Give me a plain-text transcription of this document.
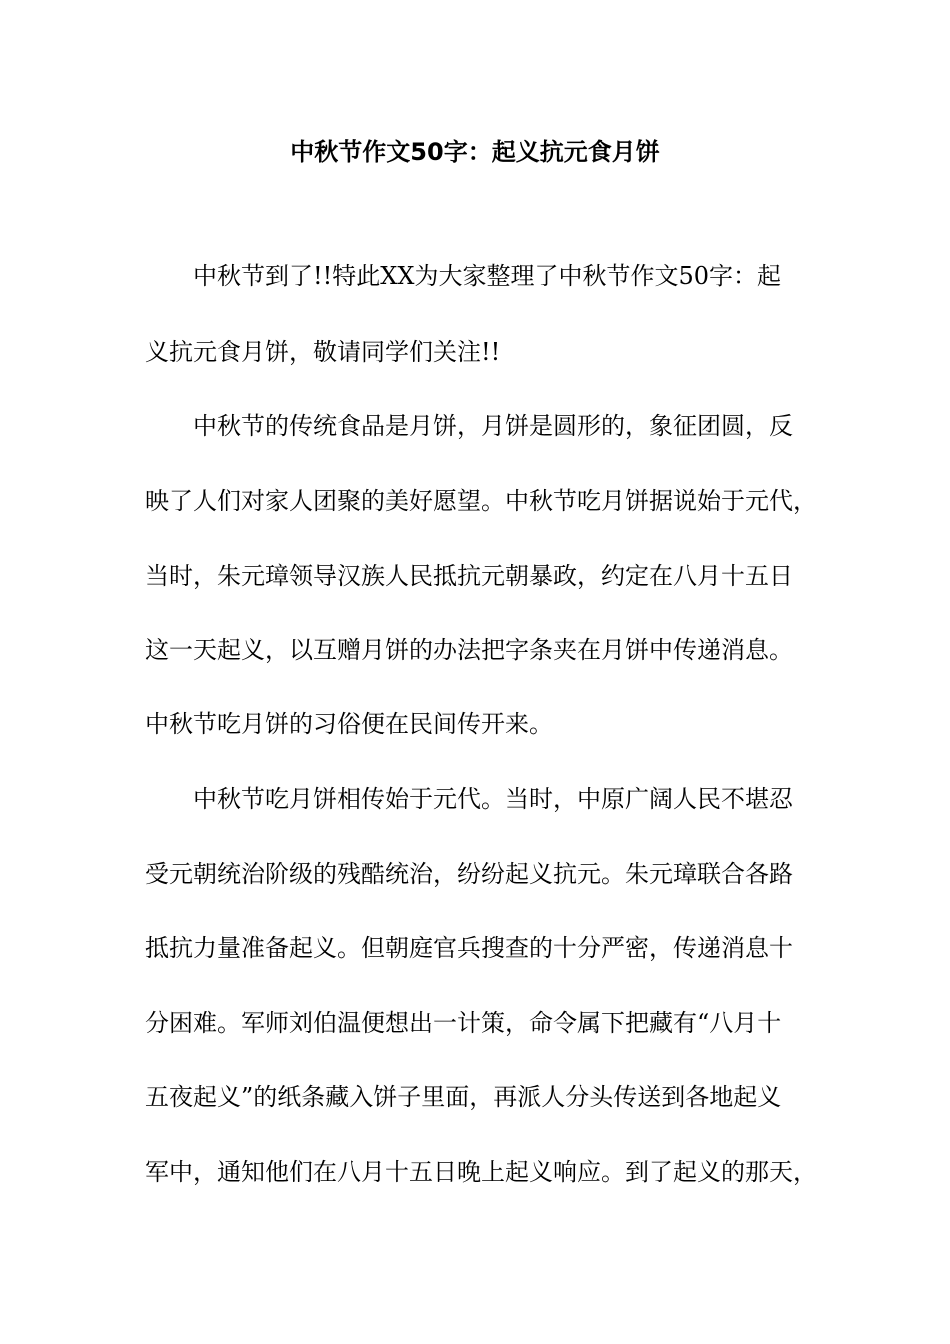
中秋节作文50字：起义抗元食月饼

中秋节到了!!特此XX为大家整理了中秋节作文50字：起

义抗元食月饼，敬请同学们关注!!

中秋节的传统食品是月饼，月饼是圆形的，象征团圆，反

映了人们对家人团聚的美好愿望。中秋节吃月饼据说始于元代，

当时，朱元璋领导汉族人民抵抗元朝暴政，约定在八月十五日

这一天起义，以互赠月饼的办法把字条夹在月饼中传递消息。

中秋节吃月饼的习俗便在民间传开来。

中秋节吃月饼相传始于元代。当时，中原广阔人民不堪忍

受元朝统治阶级的残酷统治，纷纷起义抗元。朱元璋联合各路

抵抗力量准备起义。但朝庭官兵搜查的十分严密，传递消息十

分困难。军师刘伯温便想出一计策，命令属下把藏有“八月十

五夜起义”的纸条藏入饼子里面，再派人分头传送到各地起义

军中，通知他们在八月十五日晚上起义响应。到了起义的那天，
